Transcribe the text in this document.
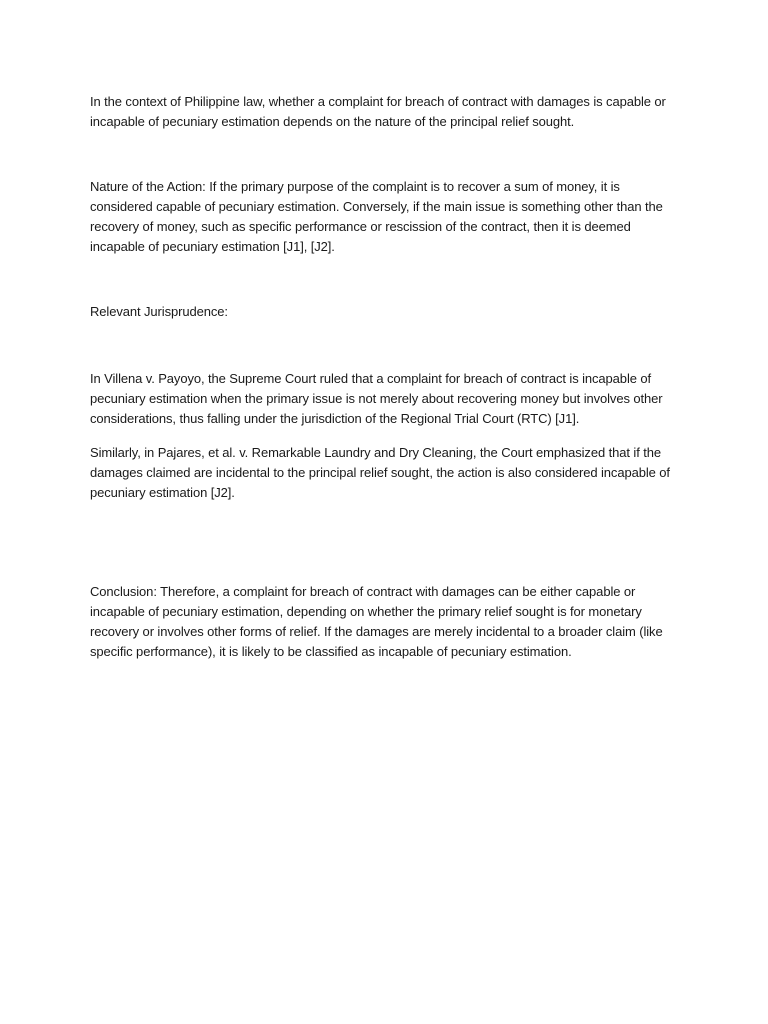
In the context of Philippine law, whether a complaint for breach of contract with damages is capable or incapable of pecuniary estimation depends on the nature of the principal relief sought.

Nature of the Action: If the primary purpose of the complaint is to recover a sum of money, it is considered capable of pecuniary estimation. Conversely, if the main issue is something other than the recovery of money, such as specific performance or rescission of the contract, then it is deemed incapable of pecuniary estimation [J1], [J2].

Relevant Jurisprudence:

In Villena v. Payoyo, the Supreme Court ruled that a complaint for breach of contract is incapable of pecuniary estimation when the primary issue is not merely about recovering money but involves other considerations, thus falling under the jurisdiction of the Regional Trial Court (RTC) [J1].

Similarly, in Pajares, et al. v. Remarkable Laundry and Dry Cleaning, the Court emphasized that if the damages claimed are incidental to the principal relief sought, the action is also considered incapable of pecuniary estimation [J2].

Conclusion: Therefore, a complaint for breach of contract with damages can be either capable or incapable of pecuniary estimation, depending on whether the primary relief sought is for monetary recovery or involves other forms of relief. If the damages are merely incidental to a broader claim (like specific performance), it is likely to be classified as incapable of pecuniary estimation.
